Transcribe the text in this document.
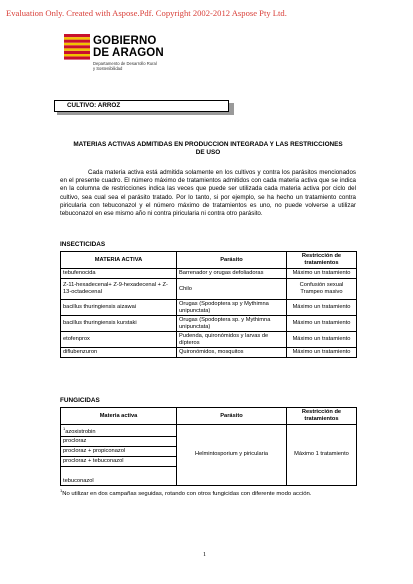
Evaluation Only. Created with Aspose.Pdf. Copyright 2002-2012 Aspose Pty Ltd.
GOBIERNO
DE ARAGON
Departamento de Desarrollo Rural
y Sostenibilidad
CULTIVO: ARROZ
MATERIAS ACTIVAS ADMITIDAS EN PRODUCCION INTEGRADA Y LAS RESTRICCIONES
DE USO
Cada materia activa está admitida solamente en los cultivos y contra los parásitos mencionados en el presente cuadro. El número máximo de tratamientos admitidos con cada materia activa que se indica en la columna de restricciones indica las veces que puede ser utilizada cada materia activa por ciclo del cultivo, sea cual sea el parásito tratado. Por lo tanto, si por ejemplo, se ha hecho un tratamiento contra piricularia con tebuconazol y el número máximo de tratamientos es uno, no puede volverse a utilizar tebuconazol en ese mismo año ni contra piricularia ni contra otro parásito.
INSECTICIDAS
MATERIA ACTIVA	Parásito	Restricción de tratamientos
tebufenocida	Barrenador y orugas defoliadoras	Máximo un tratamiento
Z-11-hexadecenal+ Z-9-hexadecenal + Z-13-octadecenal	Chilo	Confusión sexual
Trampeo masivo
bacillus thuringiensis aizawai	Orugas (Spodoptera sp y Mythimna unipunctata)	Máximo un tratamiento
bacillus thuringiensis kurstaki	Orugas (Spodoptera sp. y Mythimna unipunctata)	Máximo un tratamiento
etofenprox	Pudenda, quironómidos y larvas de dípteros	Máximo un tratamiento
diflubenzuron	Quironómidos, mosquitos	Máximo un tratamiento
FUNGICIDAS
Materia activa	Parásito	Restricción de tratamientos
$^1$azoxistrobin	Helmintosporium y piricularia	Máximo 1 tratamiento
procloraz		
procloraz + propiconazol		
procloraz + tebuconazol		
tebuconazol		
$^1$No utilizar en dos campañas seguidas, rotando con otros fungicidas con diferente modo acción.
1
